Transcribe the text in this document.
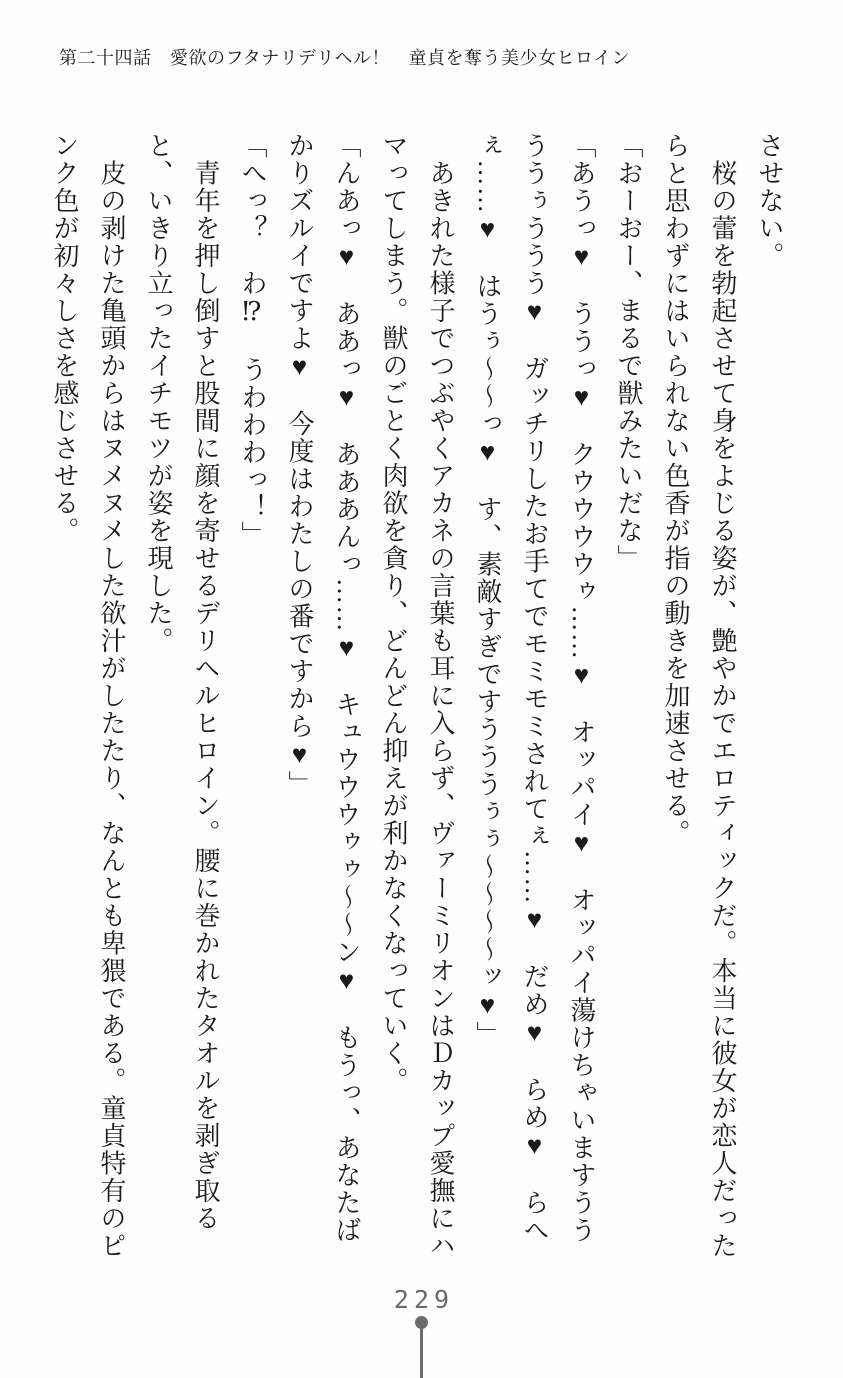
第二十四話　愛欲のフタナリデリヘル！　童貞を奪う美少女ヒロイン

させない。

　桜の蕾を勃起させて身をよじる姿が、艶やかでエロティックだ。本当に彼女が恋人だったらと思わずにはいられない色香が指の動きを加速させる。

「おーおー、まるで獣みたいだな」

「あうっ♥　ううっ♥　クウウウウゥ……♥　オッパイ♥　オッパイ蕩けちゃいますううううぅううう♥　ガッチリしたお手てでモミモミされてぇ……♥　だめ♥　らめ♥　らへぇ……♥　はうぅ〜〜っ♥　す、素敵すぎですうううぅぅ〜〜〜〜ッ♥」

　あきれた様子でつぶやくアカネの言葉も耳に入らず、ヴァーミリオンはＤカップ愛撫にハマってしまう。獣のごとく肉欲を貪り、どんどん抑えが利かなくなっていく。

「んあっ♥　ああっ♥　あああんっ……♥　キュウウウゥゥ〜〜ン♥　もうっ、あなたばかりズルイですよ♥　今度はわたしの番ですから♥」

「へっ？　わ⁉　うわわわっ！」

　青年を押し倒すと股間に顔を寄せるデリヘルヒロイン。腰に巻かれたタオルを剥ぎ取ると、いきり立ったイチモツが姿を現した。

　皮の剥けた亀頭からはヌメヌメした欲汁がしたたり、なんとも卑猥である。童貞特有のピンク色が初々しさを感じさせる。

229
